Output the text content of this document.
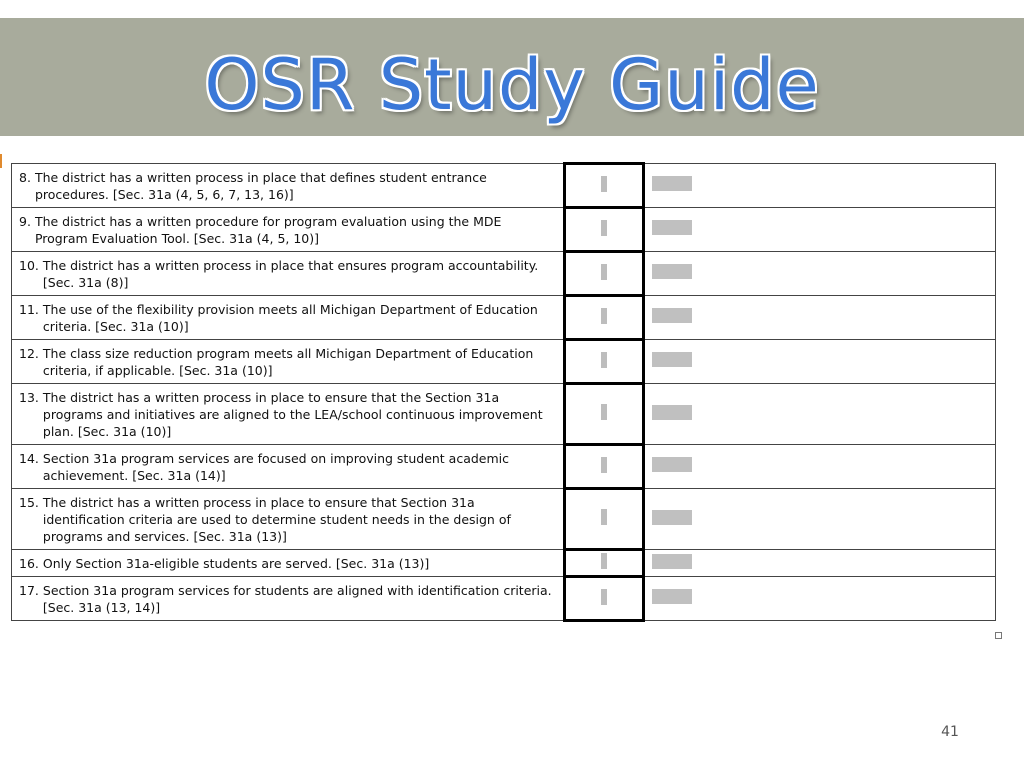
OSR Study Guide
8. The district has a written process in place that defines student entrance procedures. [Sec. 31a (4, 5, 6, 7, 13, 16)]		

9. The district has a written procedure for program evaluation using the MDE Program Evaluation Tool. [Sec. 31a (4, 5, 10)]		

10. The district has a written process in place that ensures program accountability. [Sec. 31a (8)]		

11. The use of the flexibility provision meets all Michigan Department of Education criteria. [Sec. 31a (10)]		

12. The class size reduction program meets all Michigan Department of Education criteria, if applicable. [Sec. 31a (10)]		

13. The district has a written process in place to ensure that the Section 31a programs and initiatives are aligned to the LEA/school continuous improvement plan. [Sec. 31a (10)]		

14. Section 31a program services are focused on improving student academic achievement. [Sec. 31a (14)]		

15. The district has a written process in place to ensure that Section 31a identification criteria are used to determine student needs in the design of programs and services. [Sec. 31a (13)]		

16. Only Section 31a-eligible students are served. [Sec. 31a (13)]		

17. Section 31a program services for students are aligned with identification criteria. [Sec. 31a (13, 14)]		

41
